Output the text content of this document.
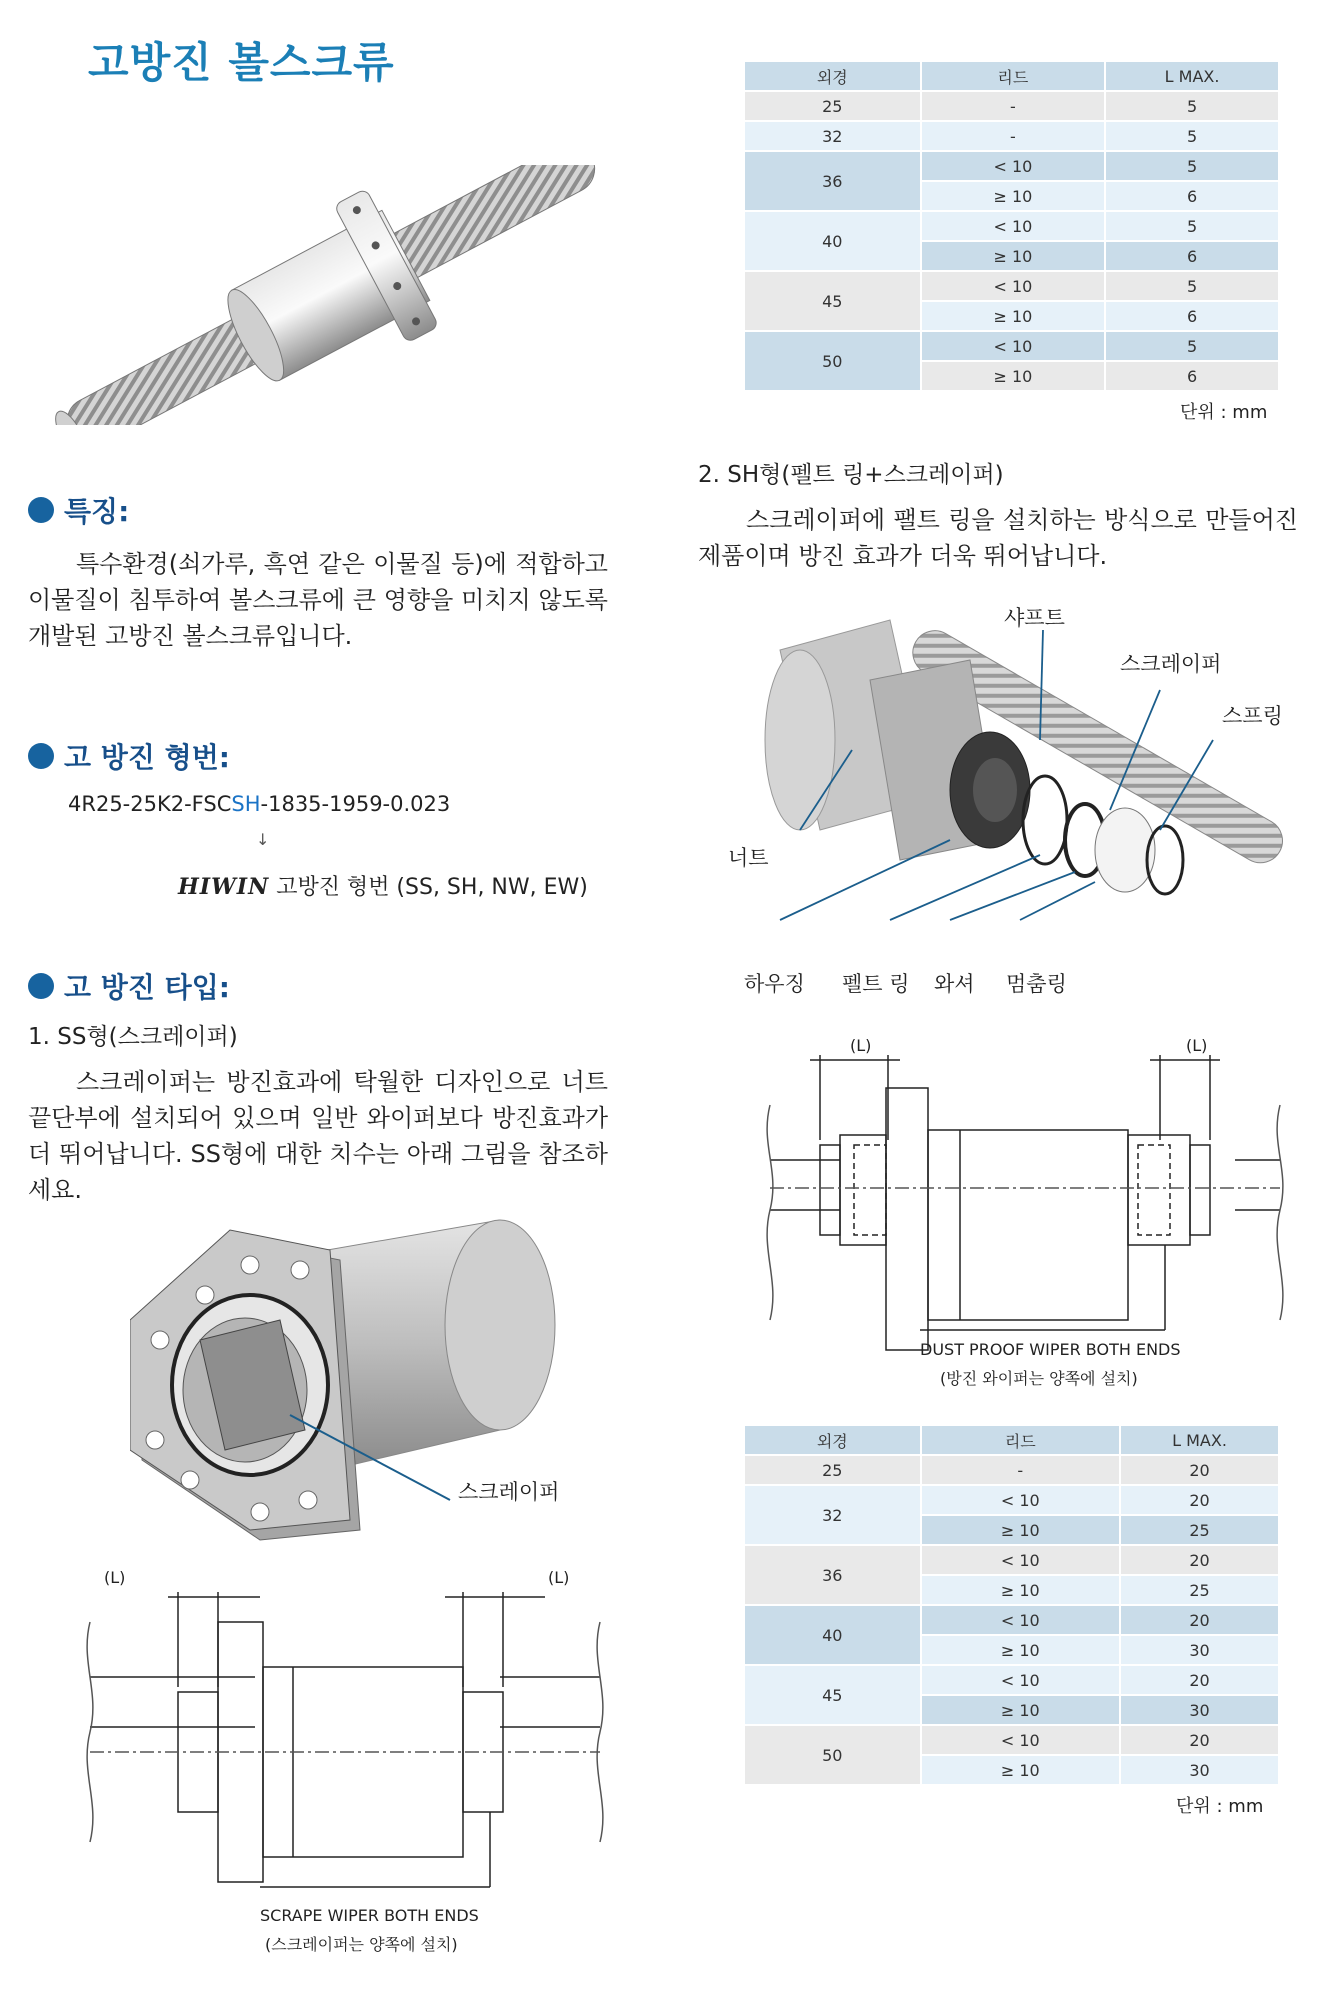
고방진 볼스크류
특징:
특수환경(쇠가루, 흑연 같은 이물질 등)에 적합하고 이물질이 침투하여 볼스크류에 큰 영향을 미치지 않도록 개발된 고방진 볼스크류입니다.
고 방진 형번:
4R25-25K2-FSCSH-1835-1959-0.023
↓
HIWIN 고방진 형번 (SS, SH, NW, EW)
고 방진 타입:
1. SS형(스크레이퍼)
스크레이퍼는 방진효과에 탁월한 디자인으로 너트 끝단부에 설치되어 있으며 일반 와이퍼보다 방진효과가 더 뛰어납니다. SS형에 대한 치수는 아래 그림을 참조하세요.
스크레이퍼
(L)	(L)
SCRAPE WIPER BOTH ENDS
(스크레이퍼는 양쪽에 설치)
외경	리드	L MAX.
25	-	5
32	-	5
36	< 10	5
	≥ 10	6
40	< 10	5
	≥ 10	6
45	< 10	5
	≥ 10	6
50	< 10	5
	≥ 10	6
단위 : mm
2. SH형(펠트 링+스크레이퍼)
스크레이퍼에 팰트 링을 설치하는 방식으로 만들어진 제품이며 방진 효과가 더욱 뛰어납니다.
샤프트
스크레이퍼
스프링
너트
하우징 펠트 링 와셔 멈춤링
(L)	(L)
DUST PROOF WIPER BOTH ENDS
(방진 와이퍼는 양쪽에 설치)
외경	리드	L MAX.
25	-	20
32	< 10	20
	≥ 10	25
36	< 10	20
	≥ 10	25
40	< 10	20
	≥ 10	30
45	< 10	20
	≥ 10	30
50	< 10	20
	≥ 10	30
단위 : mm
